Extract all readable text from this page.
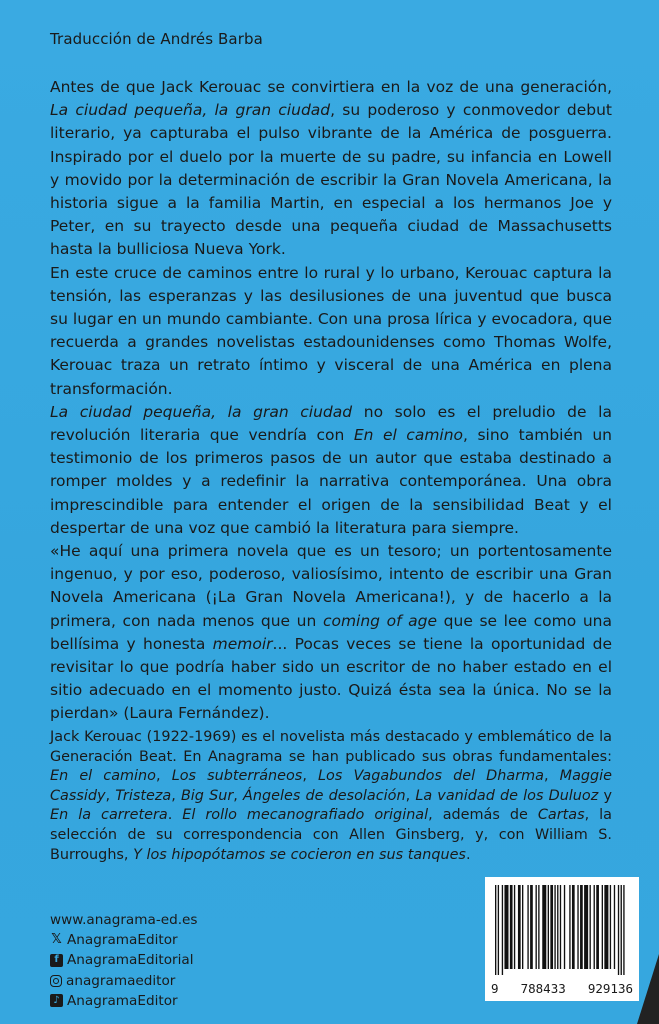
Traducción de Andrés Barba

Antes de que Jack Kerouac se convirtiera en la voz de una generación, La ciudad pequeña, la gran ciudad, su poderoso y conmovedor debut literario, ya capturaba el pulso vibrante de la América de posguerra. Inspirado por el duelo por la muerte de su padre, su infancia en Lowell y movido por la determinación de escribir la Gran Novela Americana, la historia sigue a la familia Martin, en especial a los hermanos Joe y Peter, en su trayecto desde una pequeña ciudad de Massachusetts hasta la bulliciosa Nueva York.

En este cruce de caminos entre lo rural y lo urbano, Kerouac captura la tensión, las esperanzas y las desilusiones de una juventud que busca su lugar en un mundo cambiante. Con una prosa lírica y evocadora, que recuerda a grandes novelistas estadounidenses como Thomas Wolfe, Kerouac traza un retrato íntimo y visceral de una América en plena transformación.

La ciudad pequeña, la gran ciudad no solo es el preludio de la revolución literaria que vendría con En el camino, sino también un testimonio de los primeros pasos de un autor que estaba destinado a romper moldes y a redefinir la narrativa contemporánea. Una obra imprescindible para entender el origen de la sensibilidad Beat y el despertar de una voz que cambió la literatura para siempre.

«He aquí una primera novela que es un tesoro; un portentosamente ingenuo, y por eso, poderoso, valiosísimo, intento de escribir una Gran Novela Americana (¡La Gran Novela Americana!), y de hacerlo a la primera, con nada menos que un coming of age que se lee como una bellísima y honesta memoir... Pocas veces se tiene la oportunidad de revisitar lo que podría haber sido un escritor de no haber estado en el sitio adecuado en el momento justo. Quizá ésta sea la única. No se la pierdan» (Laura Fernández).

Jack Kerouac (1922-1969) es el novelista más destacado y emblemático de la Generación Beat. En Anagrama se han publicado sus obras fundamentales: En el camino, Los subterráneos, Los Vagabundos del Dharma, Maggie Cassidy, Tristeza, Big Sur, Ángeles de desolación, La vanidad de los Duluoz y En la carretera. El rollo mecanografiado original, además de Cartas, la selección de su correspondencia con Allen Ginsberg, y, con William S. Burroughs, Y los hipopótamos se cocieron en sus tanques.

www.anagrama-ed.es
𝕏 AnagramaEditor
f AnagramaEditorial
anagramaeditor
♪ AnagramaEditor
9 788433 929136
